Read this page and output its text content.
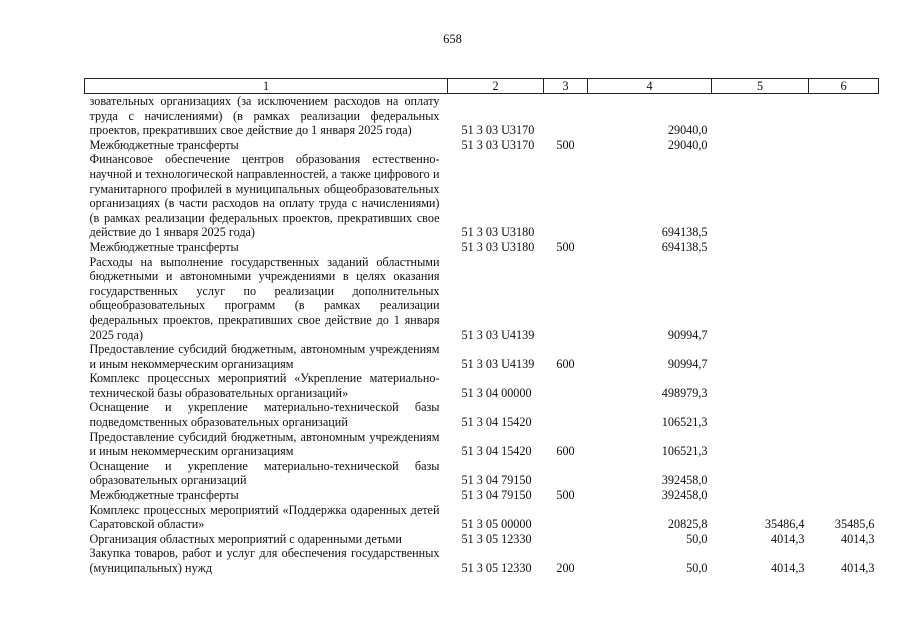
658
1	2	3	4	5	6
зовательных организациях (за исключением расходов на оплату труда с начислениями) (в рамках реализации федеральных проектов, прекративших свое действие до 1 января 2025 года)	51 3 03 U3170		29040,0		
Межбюджетные трансферты	51 3 03 U3170	500	29040,0		
Финансовое обеспечение центров образования естественно-научной и технологической направленностей, а также цифрового и гуманитарного профилей в муниципальных общеобразовательных организациях (в части расходов на оплату труда с начислениями) (в рамках реализации федеральных проектов, прекративших свое действие до 1 января 2025 года)	51 3 03 U3180		694138,5		
Межбюджетные трансферты	51 3 03 U3180	500	694138,5		
Расходы на выполнение государственных заданий областными бюджетными и автономными учреждениями в целях оказания государственных услуг по реализации дополнительных общеобразовательных программ (в рамках реализации федеральных проектов, прекративших свое действие до 1 января 2025 года)	51 3 03 U4139		90994,7		
Предоставление субсидий бюджетным, автономным учреждениям и иным некоммерческим организациям	51 3 03 U4139	600	90994,7		
Комплекс процессных мероприятий «Укрепление материально-технической базы образовательных организаций»	51 3 04 00000		498979,3		
Оснащение и укрепление материально-технической базы подведомственных образовательных организаций	51 3 04 15420		106521,3		
Предоставление субсидий бюджетным, автономным учреждениям и иным некоммерческим организациям	51 3 04 15420	600	106521,3		
Оснащение и укрепление материально-технической базы образовательных организаций	51 3 04 79150		392458,0		
Межбюджетные трансферты	51 3 04 79150	500	392458,0		
Комплекс процессных мероприятий «Поддержка одаренных детей Саратовской области»	51 3 05 00000		20825,8	35486,4	35485,6
Организация областных мероприятий с одаренными детьми	51 3 05 12330		50,0	4014,3	4014,3
Закупка товаров, работ и услуг для обеспечения государственных (муниципальных) нужд	51 3 05 12330	200	50,0	4014,3	4014,3
